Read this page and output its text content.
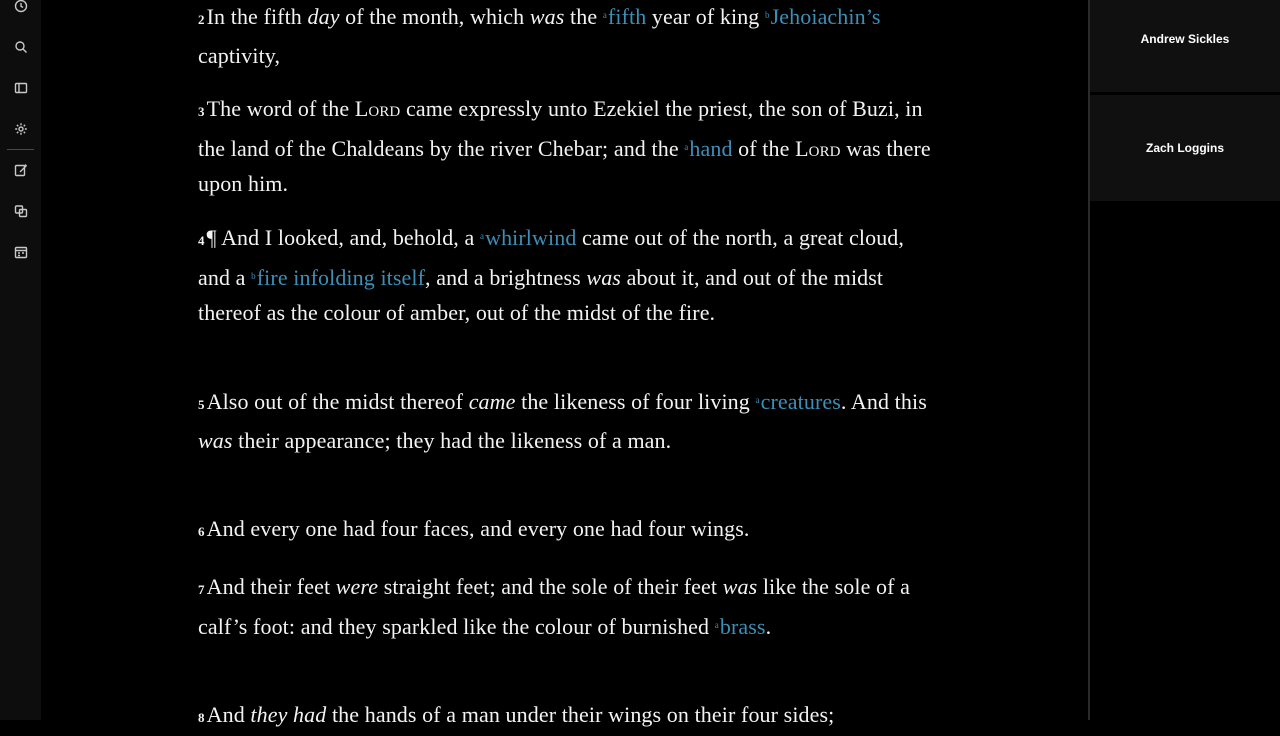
2In the fifth day of the month, which was the $^a$fifth year of king $^b$Jehoiachin’s captivity,
3The word of the Lord came expressly unto Ezekiel the priest, the son of Buzi, in the land of the Chaldeans by the river Chebar; and the $^a$hand of the Lord was there upon him.
4¶ And I looked, and, behold, a $^a$whirlwind came out of the north, a great cloud, and a $^b$fire infolding itself, and a brightness was about it, and out of the midst thereof as the colour of amber, out of the midst of the fire.
5Also out of the midst thereof came the likeness of four living $^a$creatures. And this was their appearance; they had the likeness of a man.
6And every one had four faces, and every one had four wings.
7And their feet were straight feet; and the sole of their feet was like the sole of a calf’s foot: and they sparkled like the colour of burnished $^a$brass.
8And they had the hands of a man under their wings on their four sides;
Andrew Sickles
Zach Loggins
